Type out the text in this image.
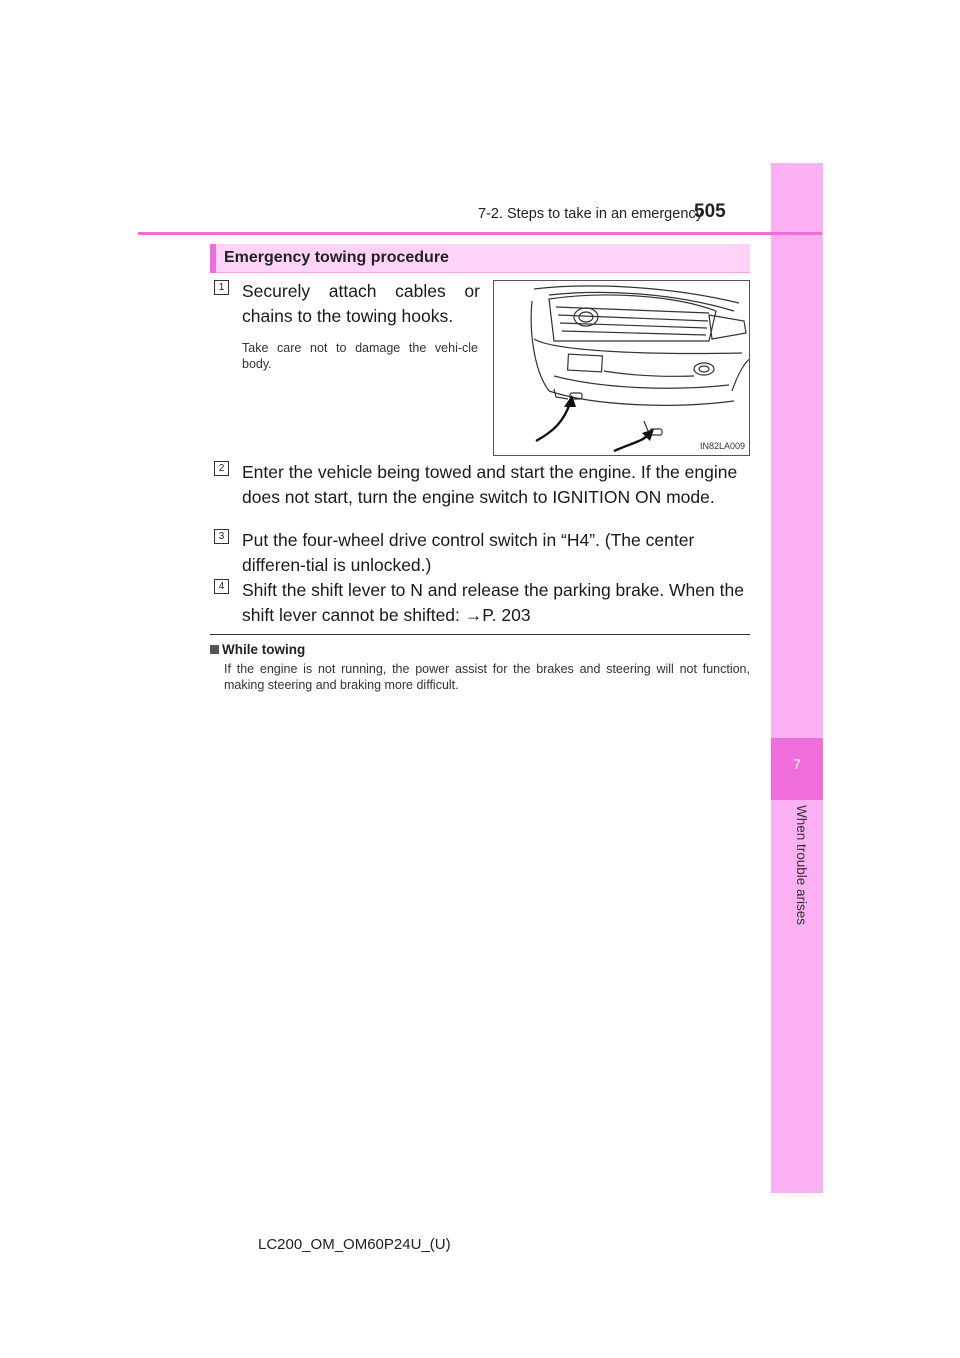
7
When trouble arises
7-2. Steps to take in an emergency
505
Emergency towing procedure
1 Securely attach cables or chains to the towing hooks.
Take care not to damage the vehi-cle body.
IN82LA009
2 Enter the vehicle being towed and start the engine. If the engine does not start, turn the engine switch to IGNITION ON mode.
3 Put the four-wheel drive control switch in “H4”. (The center differen-tial is unlocked.)
4 Shift the shift lever to N and release the parking brake. When the shift lever cannot be shifted: →P. 203
While towing
If the engine is not running, the power assist for the brakes and steering will not function, making steering and braking more difficult.
LC200_OM_OM60P24U_(U)
